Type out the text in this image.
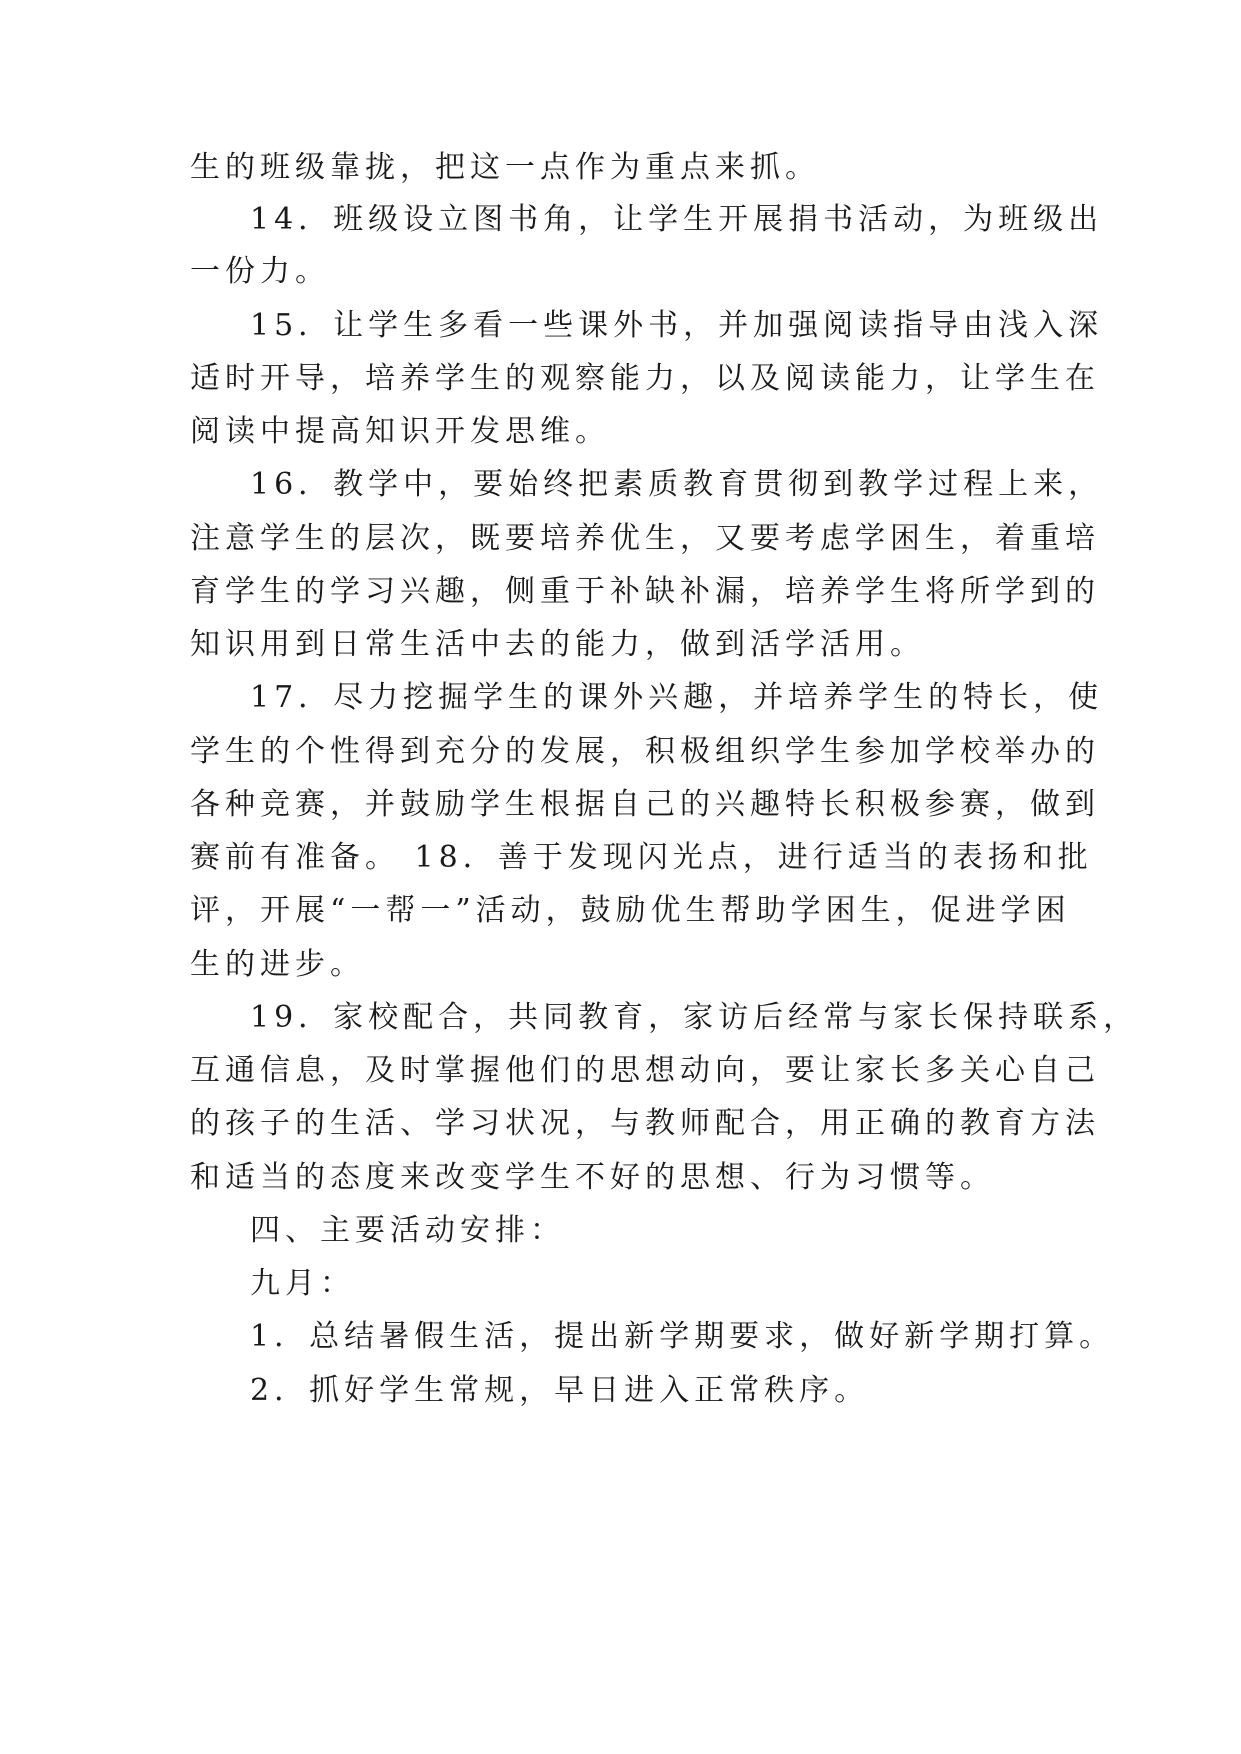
生的班级靠拢，把这一点作为重点来抓。
14．班级设立图书角，让学生开展捐书活动，为班级出
一份力。
15．让学生多看一些课外书，并加强阅读指导由浅入深
适时开导，培养学生的观察能力，以及阅读能力，让学生在
阅读中提高知识开发思维。
16．教学中，要始终把素质教育贯彻到教学过程上来，
注意学生的层次，既要培养优生，又要考虑学困生，着重培
育学生的学习兴趣，侧重于补缺补漏，培养学生将所学到的
知识用到日常生活中去的能力，做到活学活用。
17．尽力挖掘学生的课外兴趣，并培养学生的特长，使
学生的个性得到充分的发展，积极组织学生参加学校举办的
各种竞赛，并鼓励学生根据自己的兴趣特长积极参赛，做到
赛前有准备。 18．善于发现闪光点，进行适当的表扬和批
评，开展“一帮一”活动，鼓励优生帮助学困生，促进学困
生的进步。
19．家校配合，共同教育，家访后经常与家长保持联系，
互通信息，及时掌握他们的思想动向，要让家长多关心自己
的孩子的生活、学习状况，与教师配合，用正确的教育方法
和适当的态度来改变学生不好的思想、行为习惯等。
四、主要活动安排：
九月：
1．总结暑假生活，提出新学期要求，做好新学期打算。
2．抓好学生常规，早日进入正常秩序。
